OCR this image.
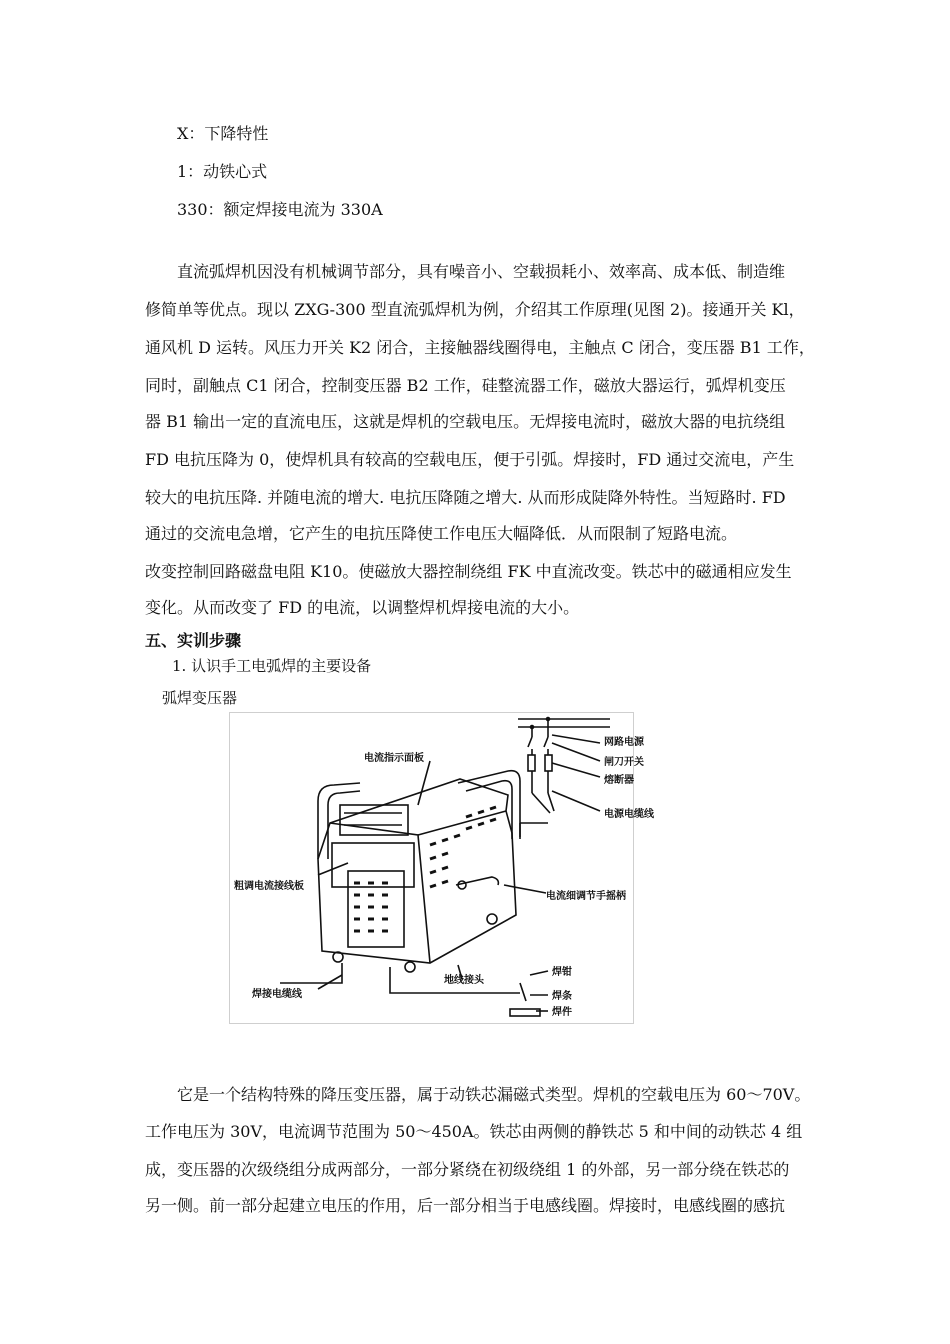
X：下降特性
1：动铁心式
330：额定焊接电流为 330A
直流弧焊机因没有机械调节部分，具有噪音小、空载损耗小、效率高、成本低、制造维
修简单等优点。现以 ZXG-300 型直流弧焊机为例，介绍其工作原理(见图 2)。接通开关 Kl，
通风机 D 运转。风压力开关 K2 闭合，主接触器线圈得电，主触点 C 闭合，变压器 B1 工作，
同时，副触点 C1 闭合，控制变压器 B2 工作，硅整流器工作，磁放大器运行，弧焊机变压
器 B1 输出一定的直流电压，这就是焊机的空载电压。无焊接电流时，磁放大器的电抗绕组
FD 电抗压降为 0，使焊机具有较高的空载电压，便于引弧。焊接时，FD 通过交流电，产生
较大的电抗压降. 并随电流的增大. 电抗压降随之增大. 从而形成陡降外特性。当短路时. FD
通过的交流电急增，它产生的电抗压降使工作电压大幅降低．从而限制了短路电流。
改变控制回路磁盘电阻 K10。使磁放大器控制绕组 FK 中直流改变。铁芯中的磁通相应发生
变化。从而改变了 FD 的电流，以调整焊机焊接电流的大小。
五、实训步骤
1. 认识手工电弧焊的主要设备
弧焊变压器
网路电源
闸刀开关
熔断器
电源电缆线
电流指示面板
粗调电流接线板
电流细调节手摇柄
焊接电缆线
地线接头
焊钳
焊条
焊件
它是一个结构特殊的降压变压器，属于动铁芯漏磁式类型。焊机的空载电压为 60～70V。
工作电压为 30V，电流调节范围为 50～450A。铁芯由两侧的静铁芯 5 和中间的动铁芯 4 组
成，变压器的次级绕组分成两部分，一部分紧绕在初级绕组 1 的外部，另一部分绕在铁芯的
另一侧。前一部分起建立电压的作用，后一部分相当于电感线圈。焊接时，电感线圈的感抗
